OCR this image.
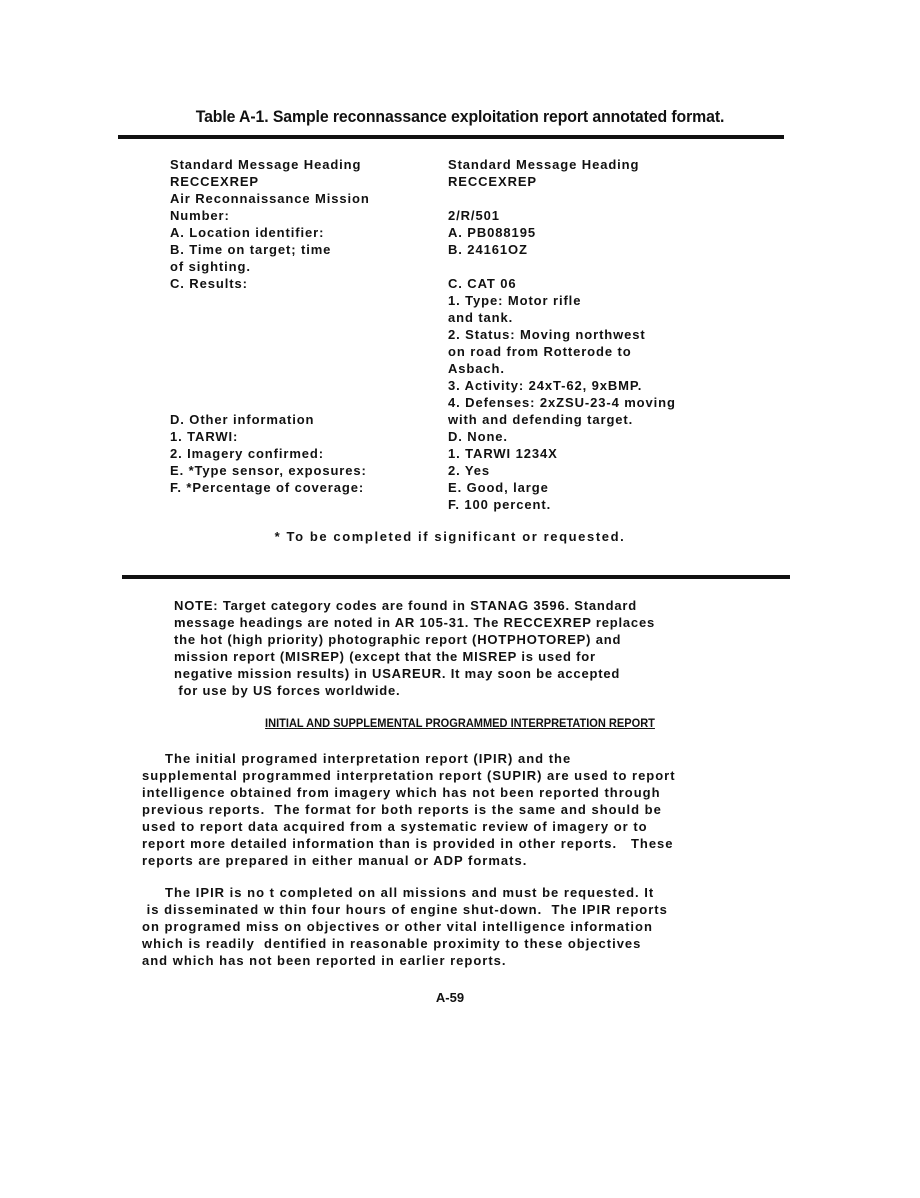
Table A-1. Sample reconnassance exploitation report annotated format.
Standard Message Heading
RECCEXREP
Air Reconnaissance Mission
Number:
A. Location identifier:
B. Time on target; time
of sighting.
C. Results:
D. Other information
1. TARWI:
2. Imagery confirmed:
E. *Type sensor, exposures:
F. *Percentage of coverage:
Standard Message Heading
RECCEXREP
2/R/501
A. PB088195
B. 24161OZ
C. CAT 06
1. Type: Motor rifle
and tank.
2. Status: Moving northwest
on road from Rotterode to
Asbach.
3. Activity: 24xT-62, 9xBMP.
4. Defenses: 2xZSU-23-4 moving
with and defending target.
D. None.
1. TARWI 1234X
2. Yes
E. Good, large
F. 100 percent.
* To be completed if significant or requested.
NOTE: Target category codes are found in STANAG 3596. Standard
message headings are noted in AR 105-31. The RECCEXREP replaces
the hot (high priority) photographic report (HOTPHOTOREP) and
mission report (MISREP) (except that the MISREP is used for
negative mission results) in USAREUR. It may soon be accepted
for use by US forces worldwide.
INITIAL AND SUPPLEMENTAL PROGRAMMED INTERPRETATION REPORT
The initial programed interpretation report (IPIR) and the
supplemental programmed interpretation report (SUPIR) are used to report
intelligence obtained from imagery which has not been reported through
previous reports.  The format for both reports is the same and should be
used to report data acquired from a systematic review of imagery or to
report more detailed information than is provided in other reports.   These
reports are prepared in either manual or ADP formats.
The IPIR is no t completed on all missions and must be requested. It
is disseminated w thin four hours of engine shut-down.  The IPIR reports
on programed miss on objectives or other vital intelligence information
which is readily  dentified in reasonable proximity to these objectives
and which has not been reported in earlier reports.
A-59
